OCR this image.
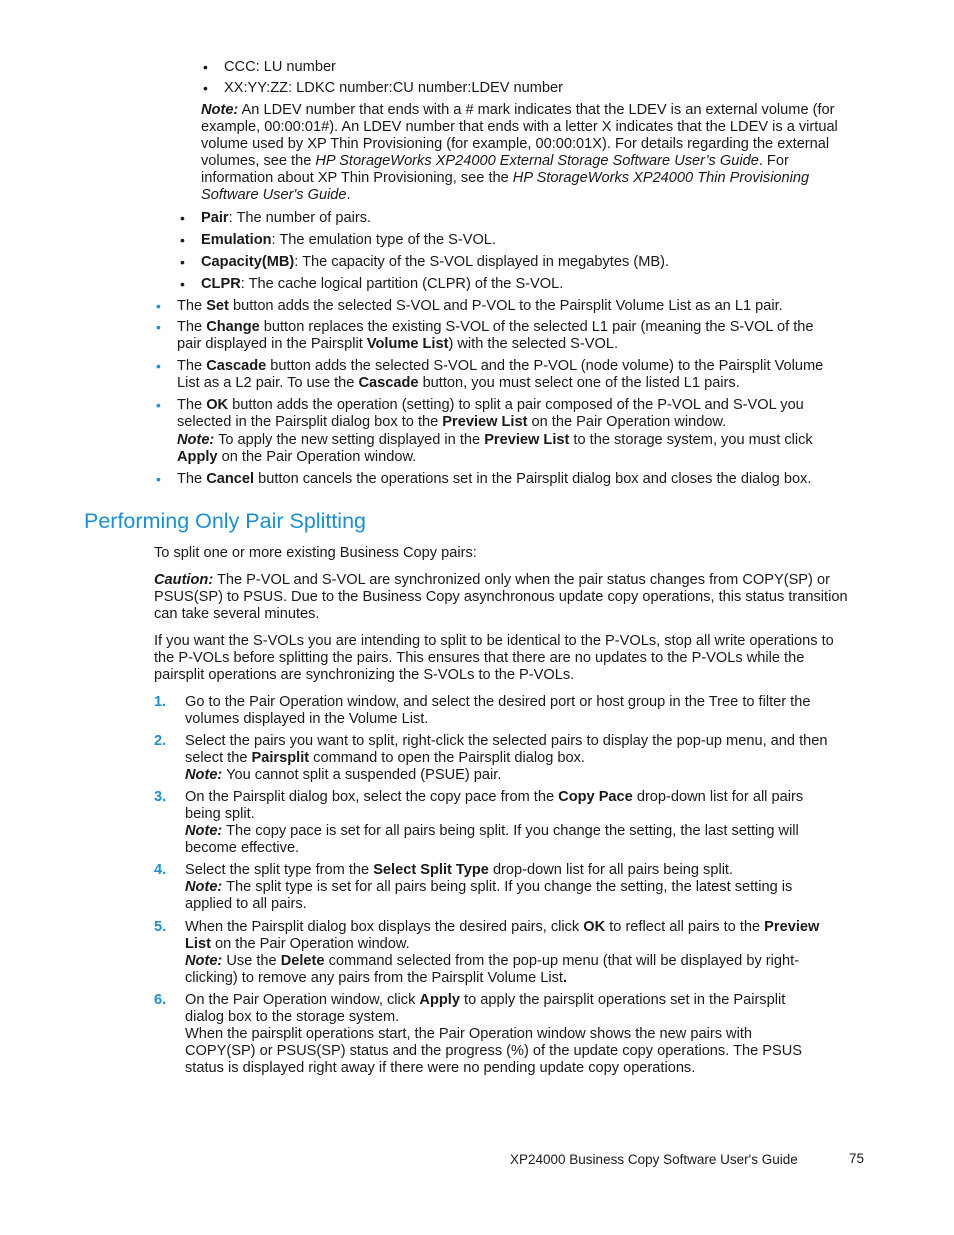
• CCC: LU number
• XX:YY:ZZ: LDKC number:CU number:LDEV number
Note: An LDEV number that ends with a # mark indicates that the LDEV is an external volume (for example, 00:00:01#). An LDEV number that ends with a letter X indicates that the LDEV is a virtual volume used by XP Thin Provisioning (for example, 00:00:01X). For details regarding the external volumes, see the HP StorageWorks XP24000 External Storage Software User’s Guide. For information about XP Thin Provisioning, see the HP StorageWorks XP24000 Thin Provisioning Software User's Guide.
• Pair: The number of pairs.
• Emulation: The emulation type of the S-VOL.
• Capacity(MB): The capacity of the S-VOL displayed in megabytes (MB).
• CLPR: The cache logical partition (CLPR) of the S-VOL.
• The Set button adds the selected S-VOL and P-VOL to the Pairsplit Volume List as an L1 pair.
• The Change button replaces the existing S-VOL of the selected L1 pair (meaning the S-VOL of the pair displayed in the Pairsplit Volume List) with the selected S-VOL.
• The Cascade button adds the selected S-VOL and the P-VOL (node volume) to the Pairsplit Volume List as a L2 pair. To use the Cascade button, you must select one of the listed L1 pairs.
• The OK button adds the operation (setting) to split a pair composed of the P-VOL and S-VOL you selected in the Pairsplit dialog box to the Preview List on the Pair Operation window.
Note: To apply the new setting displayed in the Preview List to the storage system, you must click Apply on the Pair Operation window.
• The Cancel button cancels the operations set in the Pairsplit dialog box and closes the dialog box.
Performing Only Pair Splitting
To split one or more existing Business Copy pairs:
Caution: The P-VOL and S-VOL are synchronized only when the pair status changes from COPY(SP) or PSUS(SP) to PSUS. Due to the Business Copy asynchronous update copy operations, this status transition can take several minutes.
If you want the S-VOLs you are intending to split to be identical to the P-VOLs, stop all write operations to the P-VOLs before splitting the pairs. This ensures that there are no updates to the P-VOLs while the pairsplit operations are synchronizing the S-VOLs to the P-VOLs.
1. Go to the Pair Operation window, and select the desired port or host group in the Tree to filter the volumes displayed in the Volume List.
2. Select the pairs you want to split, right-click the selected pairs to display the pop-up menu, and then select the Pairsplit command to open the Pairsplit dialog box.
Note: You cannot split a suspended (PSUE) pair.
3. On the Pairsplit dialog box, select the copy pace from the Copy Pace drop-down list for all pairs being split.
Note: The copy pace is set for all pairs being split. If you change the setting, the last setting will become effective.
4. Select the split type from the Select Split Type drop-down list for all pairs being split.
Note: The split type is set for all pairs being split. If you change the setting, the latest setting is applied to all pairs.
5. When the Pairsplit dialog box displays the desired pairs, click OK to reflect all pairs to the Preview List on the Pair Operation window.
Note: Use the Delete command selected from the pop-up menu (that will be displayed by right-clicking) to remove any pairs from the Pairsplit Volume List.
6. On the Pair Operation window, click Apply to apply the pairsplit operations set in the Pairsplit dialog box to the storage system.
When the pairsplit operations start, the Pair Operation window shows the new pairs with COPY(SP) or PSUS(SP) status and the progress (%) of the update copy operations. The PSUS status is displayed right away if there were no pending update copy operations.
XP24000 Business Copy Software User's Guide	75
